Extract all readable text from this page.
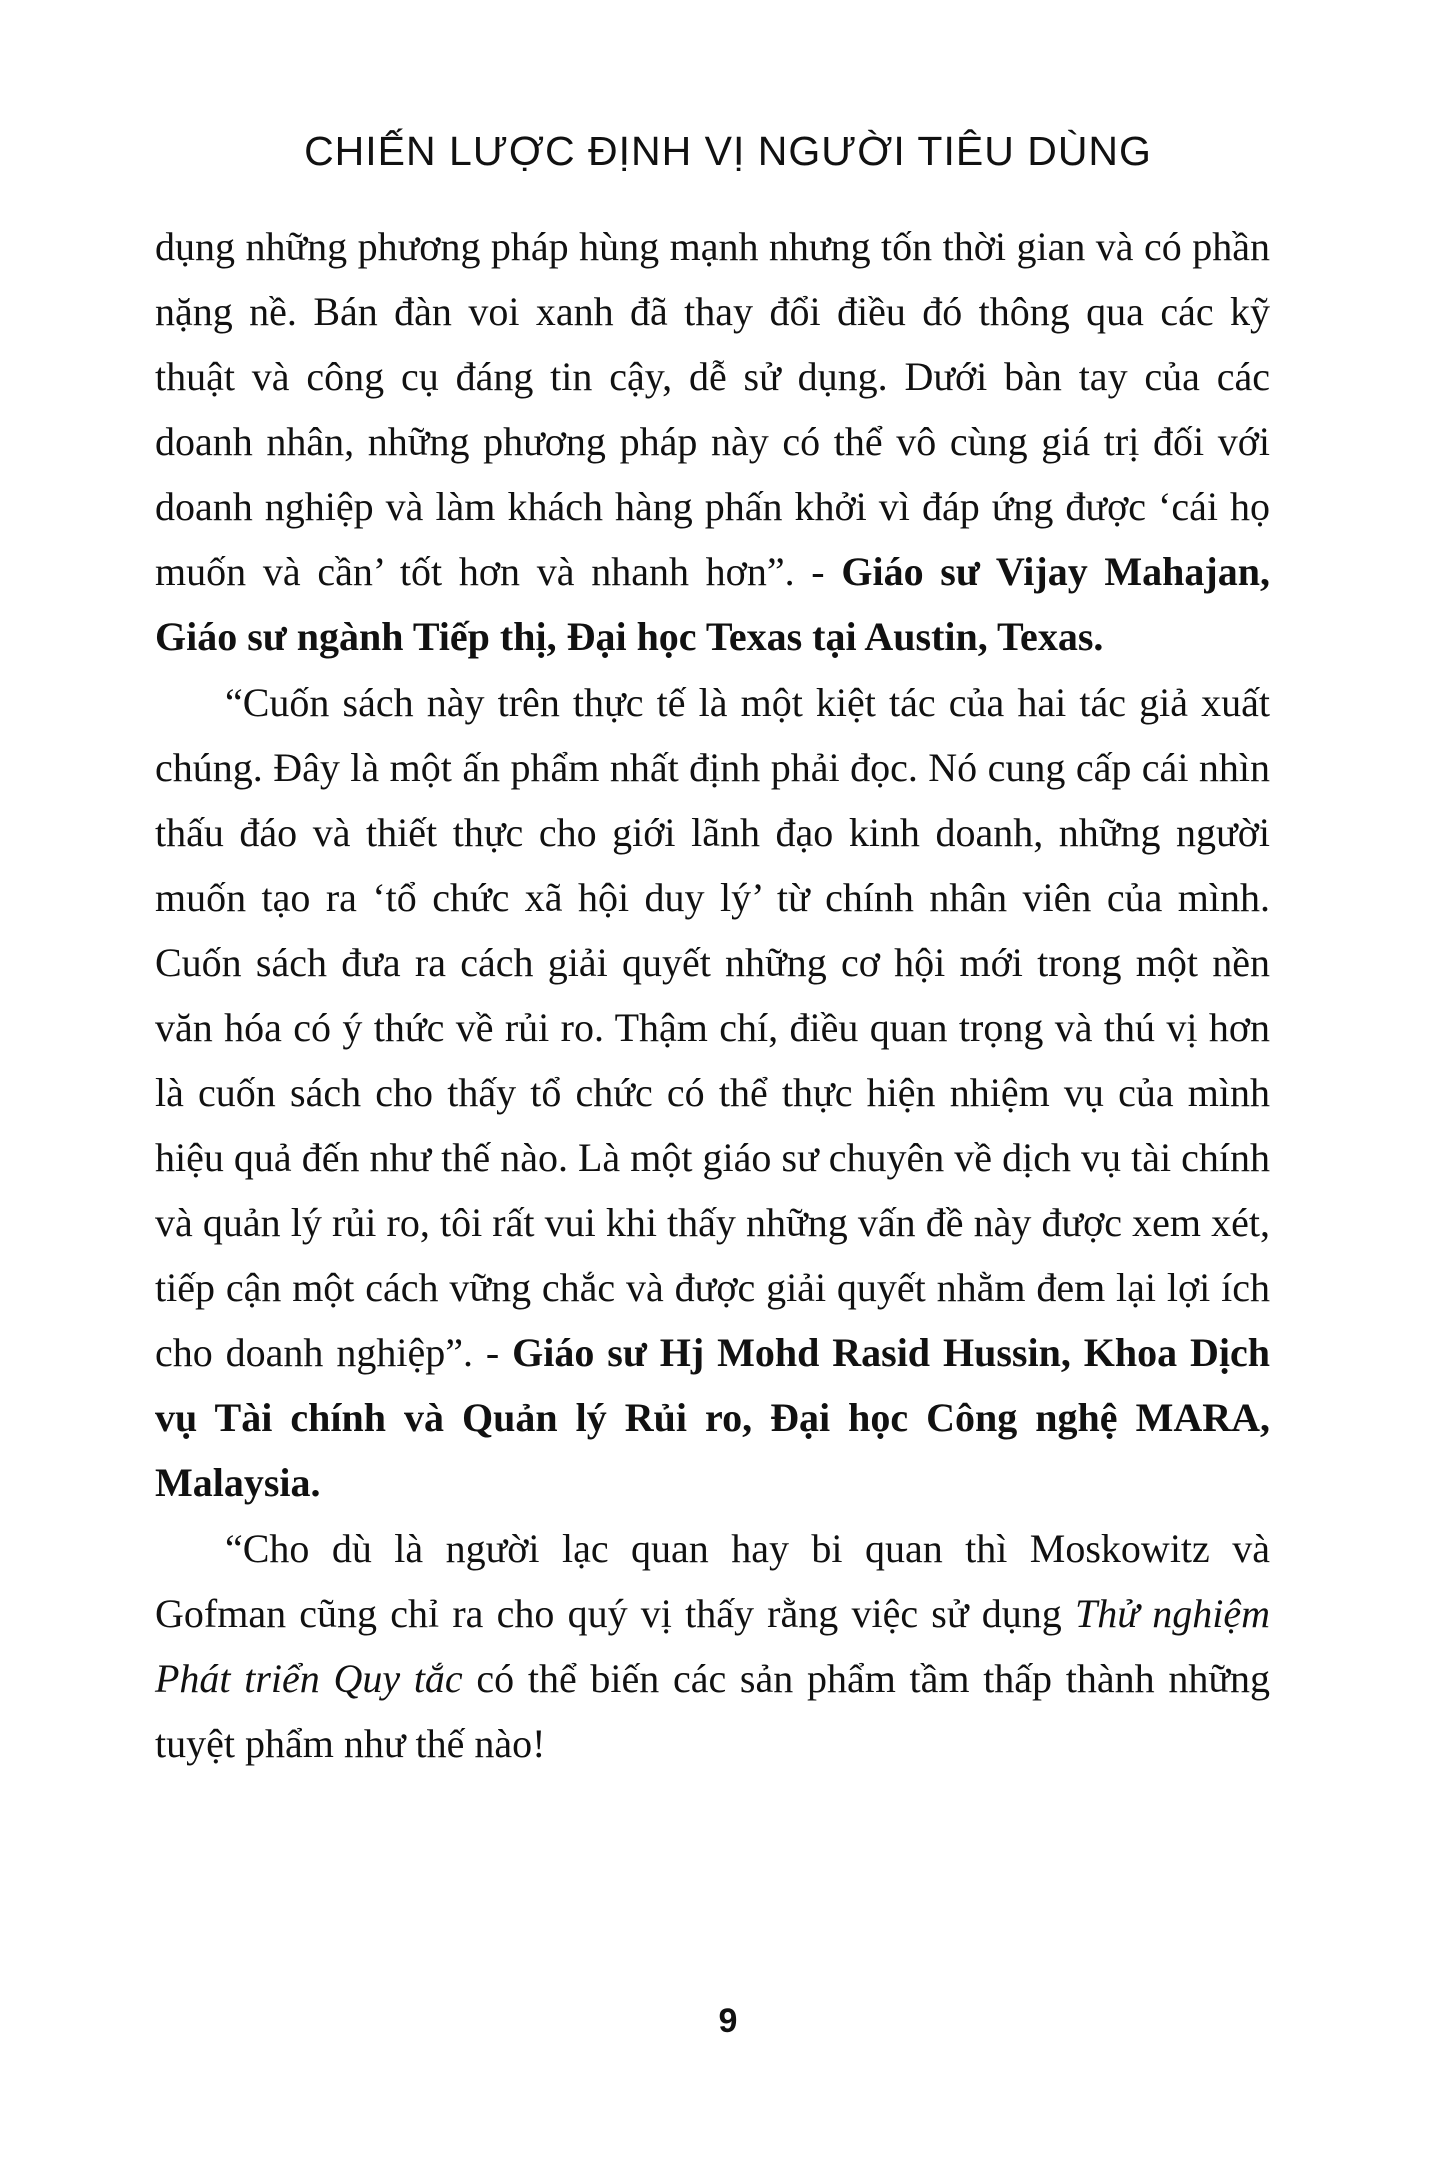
CHIẾN LƯỢC ĐỊNH VỊ NGƯỜI TIÊU DÙNG

dụng những phương pháp hùng mạnh nhưng tốn thời gian và có phần nặng nề. Bán đàn voi xanh đã thay đổi điều đó thông qua các kỹ thuật và công cụ đáng tin cậy, dễ sử dụng. Dưới bàn tay của các doanh nhân, những phương pháp này có thể vô cùng giá trị đối với doanh nghiệp và làm khách hàng phấn khởi vì đáp ứng được ‘cái họ muốn và cần’ tốt hơn và nhanh hơn”. - Giáo sư Vijay Mahajan, Giáo sư ngành Tiếp thị, Đại học Texas tại Austin, Texas.

“Cuốn sách này trên thực tế là một kiệt tác của hai tác giả xuất chúng. Đây là một ấn phẩm nhất định phải đọc. Nó cung cấp cái nhìn thấu đáo và thiết thực cho giới lãnh đạo kinh doanh, những người muốn tạo ra ‘tổ chức xã hội duy lý’ từ chính nhân viên của mình. Cuốn sách đưa ra cách giải quyết những cơ hội mới trong một nền văn hóa có ý thức về rủi ro. Thậm chí, điều quan trọng và thú vị hơn là cuốn sách cho thấy tổ chức có thể thực hiện nhiệm vụ của mình hiệu quả đến như thế nào. Là một giáo sư chuyên về dịch vụ tài chính và quản lý rủi ro, tôi rất vui khi thấy những vấn đề này được xem xét, tiếp cận một cách vững chắc và được giải quyết nhằm đem lại lợi ích cho doanh nghiệp”. - Giáo sư Hj Mohd Rasid Hussin, Khoa Dịch vụ Tài chính và Quản lý Rủi ro, Đại học Công nghệ MARA, Malaysia.

“Cho dù là người lạc quan hay bi quan thì Moskowitz và Gofman cũng chỉ ra cho quý vị thấy rằng việc sử dụng Thử nghiệm Phát triển Quy tắc có thể biến các sản phẩm tầm thấp thành những tuyệt phẩm như thế nào!

9
